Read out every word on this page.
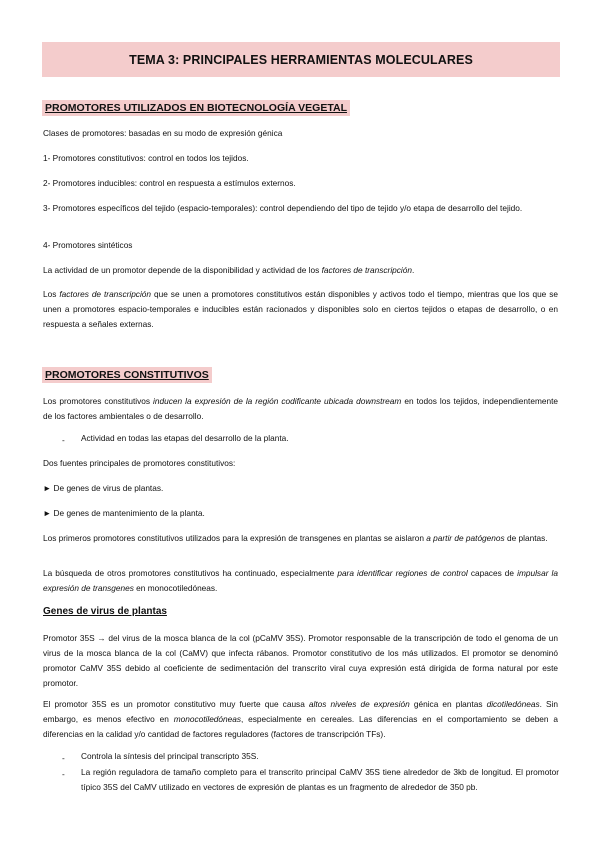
TEMA 3: PRINCIPALES HERRAMIENTAS MOLECULARES
PROMOTORES UTILIZADOS EN BIOTECNOLOGÍA VEGETAL

Clases de promotores: basadas en su modo de expresión génica

1- Promotores constitutivos: control en todos los tejidos.

2- Promotores inducibles: control en respuesta a estímulos externos.

3- Promotores específicos del tejido (espacio-temporales): control dependiendo del tipo de tejido y/o etapa de desarrollo del tejido.

4- Promotores sintéticos

La actividad de un promotor depende de la disponibilidad y actividad de los factores de transcripción.

Los factores de transcripción que se unen a promotores constitutivos están disponibles y activos todo el tiempo, mientras que los que se unen a promotores espacio-temporales e inducibles están racionados y disponibles solo en ciertos tejidos o etapas de desarrollo, o en respuesta a señales externas.

PROMOTORES CONSTITUTIVOS

Los promotores constitutivos inducen la expresión de la región codificante ubicada downstream en todos los tejidos, independientemente de los factores ambientales o de desarrollo.

- Actividad en todas las etapas del desarrollo de la planta.

Dos fuentes principales de promotores constitutivos:

► De genes de virus de plantas.

► De genes de mantenimiento de la planta.

Los primeros promotores constitutivos utilizados para la expresión de transgenes en plantas se aislaron a partir de patógenos de plantas.

La búsqueda de otros promotores constitutivos ha continuado, especialmente para identificar regiones de control capaces de impulsar la expresión de transgenes en monocotiledóneas.

Genes de virus de plantas

Promotor 35S → del virus de la mosca blanca de la col (pCaMV 35S). Promotor responsable de la transcripción de todo el genoma de un virus de la mosca blanca de la col (CaMV) que infecta rábanos. Promotor constitutivo de los más utilizados. El promotor se denominó promotor CaMV 35S debido al coeficiente de sedimentación del transcrito viral cuya expresión está dirigida de forma natural por este promotor.

El promotor 35S es un promotor constitutivo muy fuerte que causa altos niveles de expresión génica en plantas dicotiledóneas. Sin embargo, es menos efectivo en monocotiledóneas, especialmente en cereales. Las diferencias en el comportamiento se deben a diferencias en la calidad y/o cantidad de factores reguladores (factores de transcripción TFs).

- Controla la síntesis del principal transcripto 35S.
- La región reguladora de tamaño completo para el transcrito principal CaMV 35S tiene alrededor de 3kb de longitud. El promotor típico 35S del CaMV utilizado en vectores de expresión de plantas es un fragmento de alrededor de 350 pb.
